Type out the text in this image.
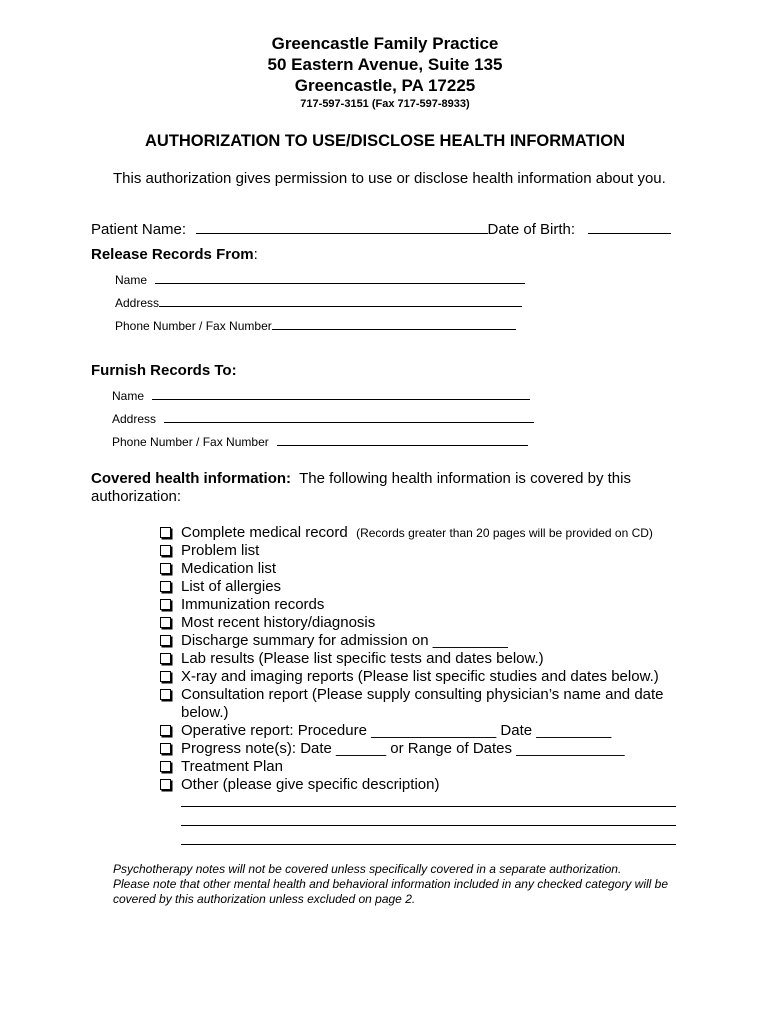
Greencastle Family Practice
50 Eastern Avenue, Suite 135
Greencastle, PA 17225
717-597-3151 (Fax 717-597-8933)
AUTHORIZATION TO USE/DISCLOSE HEALTH INFORMATION
This authorization gives permission to use or disclose health information about you.
Patient Name:	Date of Birth:
Release Records From:
Name
Address
Phone Number / Fax Number
Furnish Records To:
Name
Address
Phone Number / Fax Number
Covered health information: The following health information is covered by this authorization:
Complete medical record (Records greater than 20 pages will be provided on CD)
Problem list
Medication list
List of allergies
Immunization records
Most recent history/diagnosis
Discharge summary for admission on _________
Lab results (Please list specific tests and dates below.)
X-ray and imaging reports (Please list specific studies and dates below.)
Consultation report (Please supply consulting physician’s name and date below.)
Operative report: Procedure _______________ Date _________
Progress note(s): Date ______ or Range of Dates _____________
Treatment Plan
Other (please give specific description)
Psychotherapy notes will not be covered unless specifically covered in a separate authorization.
Please note that other mental health and behavioral information included in any checked category will be covered by this authorization unless excluded on page 2.
